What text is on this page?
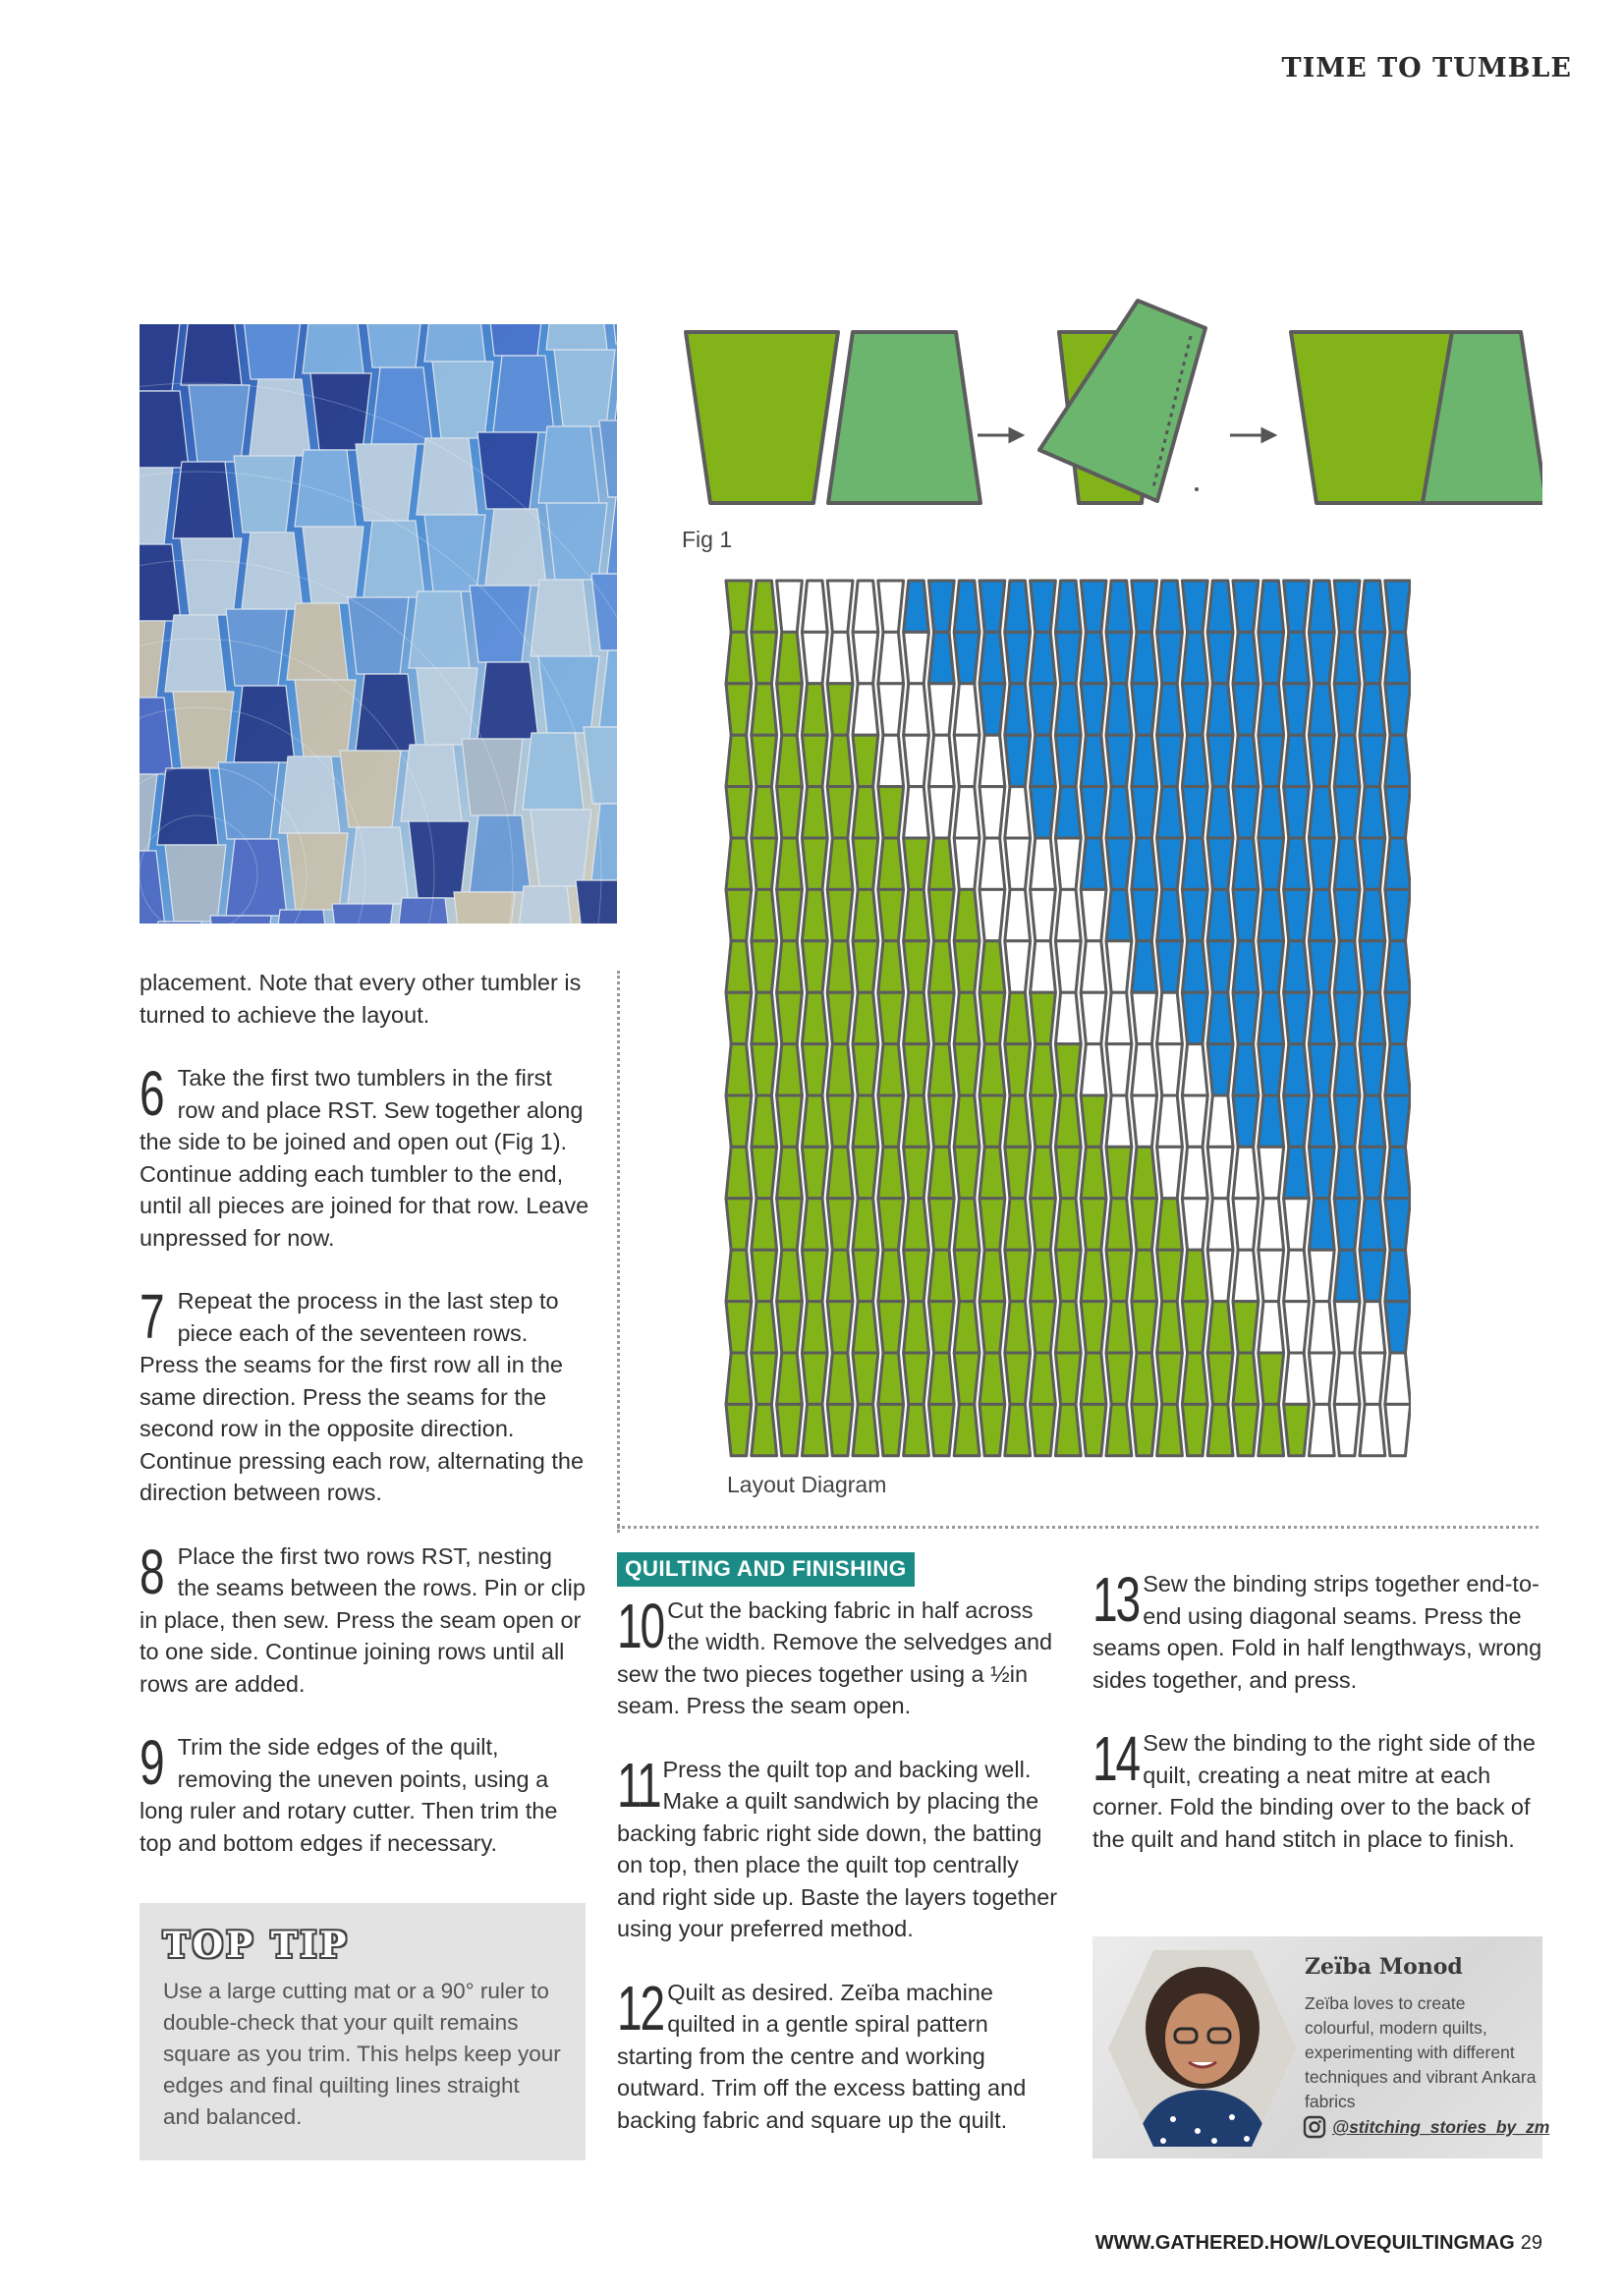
TIME TO TUMBLE
Fig 1
Layout Diagram

placement. Note that every other tumbler is turned to achieve the layout.

6 Take the first two tumblers in the first row and place RST. Sew together along the side to be joined and open out (Fig 1). Continue adding each tumbler to the end, until all pieces are joined for that row. Leave unpressed for now.
7 Repeat the process in the last step to piece each of the seventeen rows. Press the seams for the first row all in the same direction. Press the seams for the second row in the opposite direction. Continue pressing each row, alternating the direction between rows.
8 Place the first two rows RST, nesting the seams between the rows. Pin or clip in place, then sew. Press the seam open or to one side. Continue joining rows until all rows are added.
9 Trim the side edges of the quilt, removing the uneven points, using a long ruler and rotary cutter. Then trim the top and bottom edges if necessary.
TOP TIP
Use a large cutting mat or a 90° ruler to double-check that your quilt remains square as you trim. This helps keep your edges and final quilting lines straight and balanced.
QUILTING AND FINISHING
10 Cut the backing fabric in half across the width. Remove the selvedges and sew the two pieces together using a ½in seam. Press the seam open.
11 Press the quilt top and backing well. Make a quilt sandwich by placing the backing fabric right side down, the batting on top, then place the quilt top centrally and right side up. Baste the layers together using your preferred method.
12 Quilt as desired. Zeïba machine quilted in a gentle spiral pattern starting from the centre and working outward. Trim off the excess batting and backing fabric and square up the quilt.
13 Sew the binding strips together end-to-end using diagonal seams. Press the seams open. Fold in half lengthways, wrong sides together, and press.
14 Sew the binding to the right side of the quilt, creating a neat mitre at each corner. Fold the binding over to the back of the quilt and hand stitch in place to finish.
Zeïba Monod
Zeïba loves to create colourful, modern quilts, experimenting with different techniques and vibrant Ankara fabrics
@stitching_stories_by_zm
WWW.GATHERED.HOW/LOVEQUILTINGMAG 29
